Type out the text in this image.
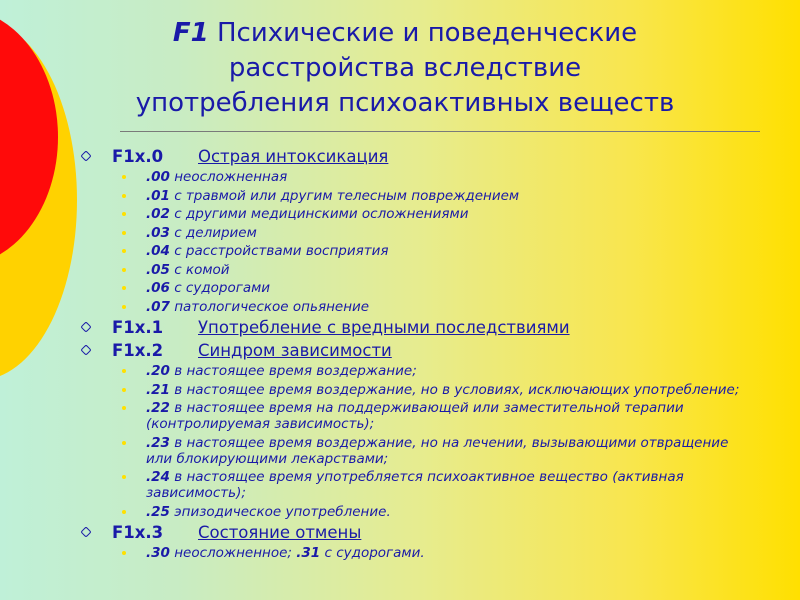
F1 Психические и поведенческие расстройства вследствие употребления психоактивных веществ
F1x.0 Острая интоксикация
.00 неосложненная
.01 с травмой или другим телесным повреждением
.02 с другими медицинскими осложнениями
.03 с делирием
.04 с расстройствами восприятия
.05 с комой
.06 с судорогами
.07 патологическое опьянение
F1x.1 Употребление с вредными последствиями
F1x.2 Синдром зависимости
.20 в настоящее время воздержание;
.21 в настоящее время воздержание, но в условиях, исключающих употребление;
.22 в настоящее время на поддерживающей или заместительной терапии (контролируемая зависимость);
.23 в настоящее время воздержание, но на лечении, вызывающими отвращение или блокирующими лекарствами;
.24 в настоящее время употребляется психоактивное вещество (активная зависимость);
.25 эпизодическое употребление.
F1x.3 Состояние отмены
.30 неосложненное; .31 с судорогами.
